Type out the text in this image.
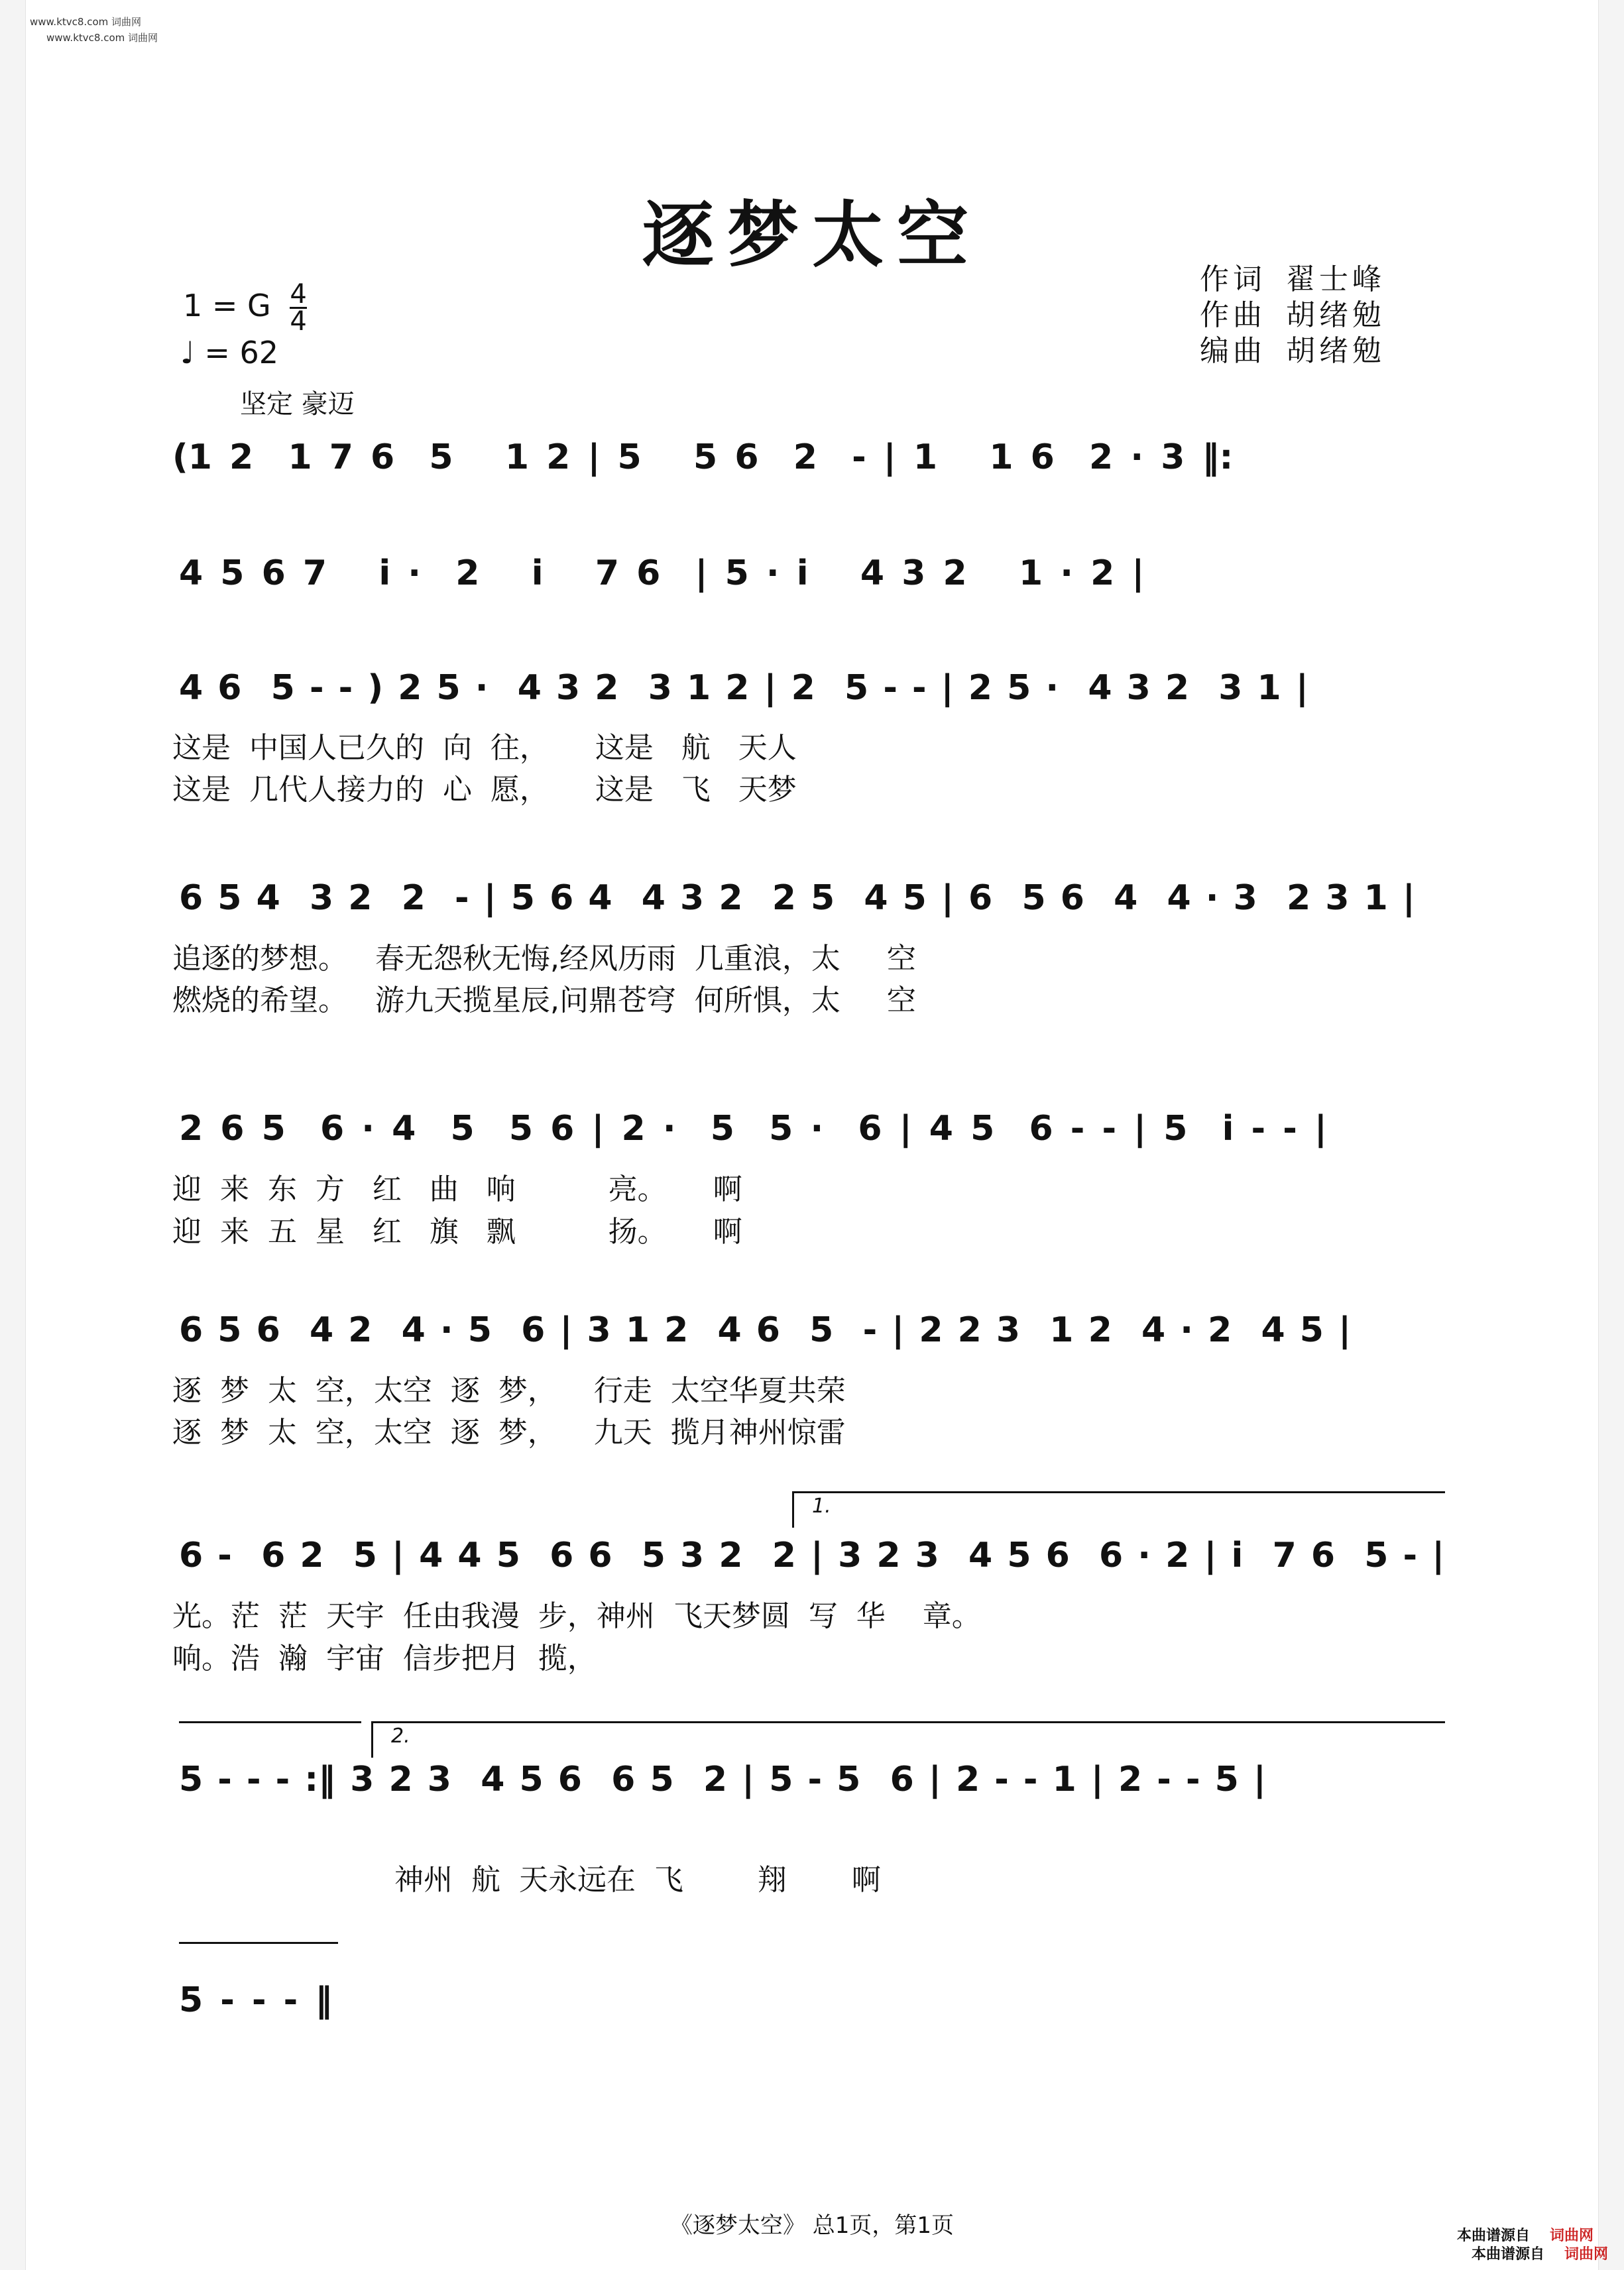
www.ktvc8.com 词曲网
www.ktvc8.com 词曲网
逐梦太空
1 = G $\frac{4}{4}$
♩ = 62
坚定 豪迈
作词 翟士峰
作曲 胡绪勉
编曲 胡绪勉
(1 2  1 7 6  5   1 2 | 5   5 6  2  - | 1   1 6  2 · 3 ‖:
4 5 6 7   i ·  2   i   7 6  | 5 · i   4 3 2   1 · 2 |
4 6  5 - - ) 2 5 ·  4 3 2  3 1 2 | 2  5 - - | 2 5 ·  4 3 2  3 1 |
这是  中国人已久的  向  往，     这是   航   天人
这是  几代人接力的  心  愿，     这是   飞   天梦
6 5 4  3 2  2  - | 5 6 4  4 3 2  2 5  4 5 | 6  5 6  4  4 · 3  2 3 1 |
追逐的梦想。   春无怨秋无悔,经风历雨  几重浪，太     空
燃烧的希望。   游九天揽星辰,问鼎苍穹  何所惧，太     空
2 6 5  6 · 4  5  5 6 | 2 ·  5  5 ·  6 | 4 5  6 - - | 5  i - - |
迎  来  东  方   红   曲   响          亮。     啊
迎  来  五  星   红   旗   飘          扬。     啊
6 5 6  4 2  4 · 5  6 | 3 1 2  4 6  5  - | 2 2 3  1 2  4 · 2  4 5 |
逐  梦  太  空，太空  逐  梦，    行走  太空华夏共荣
逐  梦  太  空，太空  逐  梦，    九天  揽月神州惊雷
1.
6 -  6 2  5 | 4 4 5  6 6  5 3 2  2 | 3 2 3  4 5 6  6 · 2 | i  7 6  5 - |
光。茫  茫  天宇  任由我漫  步，神州  飞天梦圆  写  华    章。
响。浩  瀚  宇宙  信步把月  揽，
2.
5 - - - :‖ 3 2 3  4 5 6  6 5  2 | 5 - 5  6 | 2 - - 1 | 2 - - 5 |
神州  航  天永远在  飞        翔       啊
5 - - - ‖
《逐梦太空》 总1页，第1页	本曲谱源自
本曲谱源自
词曲网
词曲网
